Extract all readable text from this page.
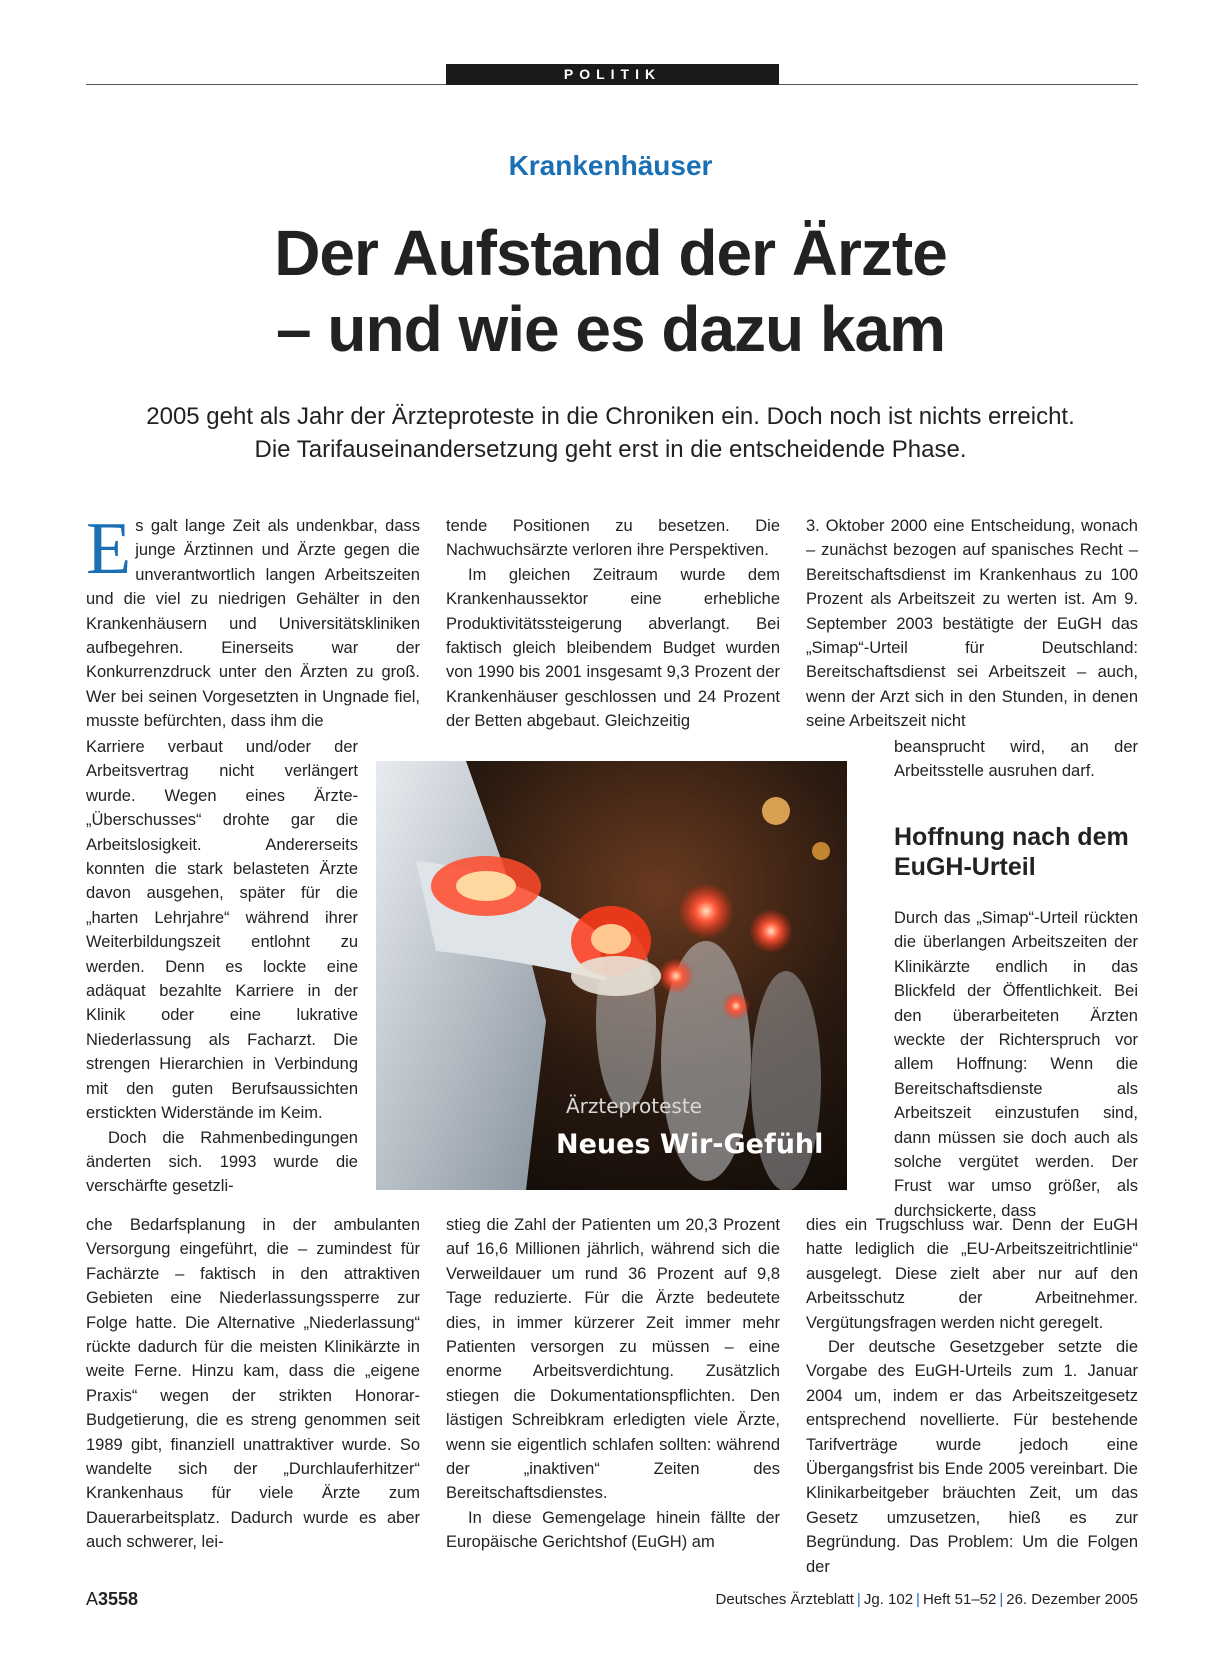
POLITIK
Krankenhäuser
Der Aufstand der Ärzte
– und wie es dazu kam
2005 geht als Jahr der Ärzteproteste in die Chroniken ein. Doch noch ist nichts erreicht.
Die Tarifauseinandersetzung geht erst in die entscheidende Phase.

Es galt lange Zeit als undenkbar, dass junge Ärztinnen und Ärzte gegen die unverantwortlich langen Arbeitszeiten und die viel zu niedrigen Gehälter in den Krankenhäusern und Universitätskliniken aufbegehren. Einerseits war der Konkurrenzdruck unter den Ärzten zu groß. Wer bei seinen Vorgesetzten in Ungnade fiel, musste befürchten, dass ihm die

Karriere verbaut und/oder der Arbeitsvertrag nicht verlängert wurde. Wegen eines Ärzte-„Überschusses“ drohte gar die Arbeitslosigkeit. Andererseits konnten die stark belasteten Ärzte davon ausgehen, später für die „harten Lehrjahre“ während ihrer Weiterbildungszeit entlohnt zu werden. Denn es lockte eine adäquat bezahlte Karriere in der Klinik oder eine lukrative Niederlassung als Facharzt. Die strengen Hierarchien in Verbindung mit den guten Berufsaussichten erstickten Widerstände im Keim.

Doch die Rahmenbedingungen änderten sich. 1993 wurde die verschärfte gesetzli-

che Bedarfsplanung in der ambulanten Versorgung eingeführt, die – zumindest für Fachärzte – faktisch in den attraktiven Gebieten eine Niederlassungssperre zur Folge hatte. Die Alternative „Niederlassung“ rückte dadurch für die meisten Klinikärzte in weite Ferne. Hinzu kam, dass die „eigene Praxis“ wegen der strikten Honorar-Budgetierung, die es streng genommen seit 1989 gibt, finanziell unattraktiver wurde. So wandelte sich der „Durchlauferhitzer“ Krankenhaus für viele Ärzte zum Dauerarbeitsplatz. Dadurch wurde es aber auch schwerer, lei-

tende Positionen zu besetzen. Die Nachwuchsärzte verloren ihre Perspektiven.

Im gleichen Zeitraum wurde dem Krankenhaussektor eine erhebliche Produktivitätssteigerung abverlangt. Bei faktisch gleich bleibendem Budget wurden von 1990 bis 2001 insgesamt 9,3 Prozent der Krankenhäuser geschlossen und 24 Prozent der Betten abgebaut. Gleichzeitig

stieg die Zahl der Patienten um 20,3 Prozent auf 16,6 Millionen jährlich, während sich die Verweildauer um rund 36 Prozent auf 9,8 Tage reduzierte. Für die Ärzte bedeutete dies, in immer kürzerer Zeit immer mehr Patienten versorgen zu müssen – eine enorme Arbeitsverdichtung. Zusätzlich stiegen die Dokumentationspflichten. Den lästigen Schreibkram erledigten viele Ärzte, wenn sie eigentlich schlafen sollten: während der „inaktiven“ Zeiten des Bereitschaftsdienstes.

In diese Gemengelage hinein fällte der Europäische Gerichtshof (EuGH) am

3. Oktober 2000 eine Entscheidung, wonach – zunächst bezogen auf spanisches Recht – Bereitschaftsdienst im Krankenhaus zu 100 Prozent als Arbeitszeit zu werten ist. Am 9. September 2003 bestätigte der EuGH das „Simap“-Urteil für Deutschland: Bereitschaftsdienst sei Arbeitszeit – auch, wenn der Arzt sich in den Stunden, in denen seine Arbeitszeit nicht

beansprucht wird, an der Arbeitsstelle ausruhen darf.

Hoffnung nach dem EuGH-Urteil

Durch das „Simap“-Urteil rückten die überlangen Arbeitszeiten der Klinikärzte endlich in das Blickfeld der Öffentlichkeit. Bei den überarbeiteten Ärzten weckte der Richterspruch vor allem Hoffnung: Wenn die Bereitschaftsdienste als Arbeitszeit einzustufen sind, dann müssen sie doch auch als solche vergütet werden. Der Frust war umso größer, als durchsickerte, dass

dies ein Trugschluss war. Denn der EuGH hatte lediglich die „EU-Arbeitszeitrichtlinie“ ausgelegt. Diese zielt aber nur auf den Arbeitsschutz der Arbeitnehmer. Vergütungsfragen werden nicht geregelt.

Der deutsche Gesetzgeber setzte die Vorgabe des EuGH-Urteils zum 1. Januar 2004 um, indem er das Arbeitszeitgesetz entsprechend novellierte. Für bestehende Tarifverträge wurde jedoch eine Übergangsfrist bis Ende 2005 vereinbart. Die Klinikarbeitgeber bräuchten Zeit, um das Gesetz umzusetzen, hieß es zur Begründung. Das Problem: Um die Folgen der

Ärzteproteste
Neues Wir-Gefühl
A3558	Deutsches Ärzteblatt | Jg. 102 | Heft 51–52 | 26. Dezember 2005
